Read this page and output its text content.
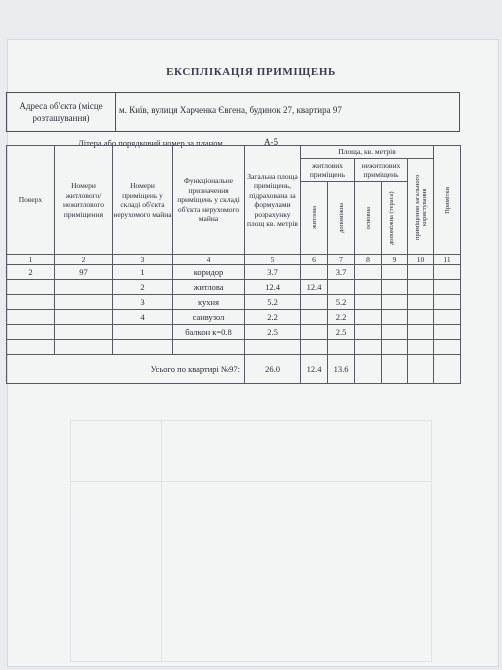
ЕКСПЛІКАЦІЯ ПРИМІЩЕНЬ
Адреса об'єкта (місце розташування)
м. Київ, вулиця Харченка Євгена, будинок 27, квартира 97
Літера або порядковий номер за планом	А-5
Поверх	Номери житлового/ нежитлового приміщення	Номери приміщень у складі об'єкта нерухомого майна	Функціональне призначення приміщень у складі об'єкта нерухомого майна	Загальна площа приміщень, підрахована за формулами розрахунку площ кв. метрів	Площа, кв. метрів					Примітки

					житлових приміщень		нежитлових приміщень		приміщення загального користування	

					житлова	допоміжна	основна	допоміжна (тераса)		

1	2	3	4	5	6	7	8	9	10	11
2	97	1	коридор	3.7		3.7				
		2	житлова	12.4	12.4					
		3	кухня	5.2		5.2				
		4	санвузол	2.2		2.2				
			балкон к=0.8	2.5		2.5				

Усього по квартирі №97:				26.0	12.4	13.6				
